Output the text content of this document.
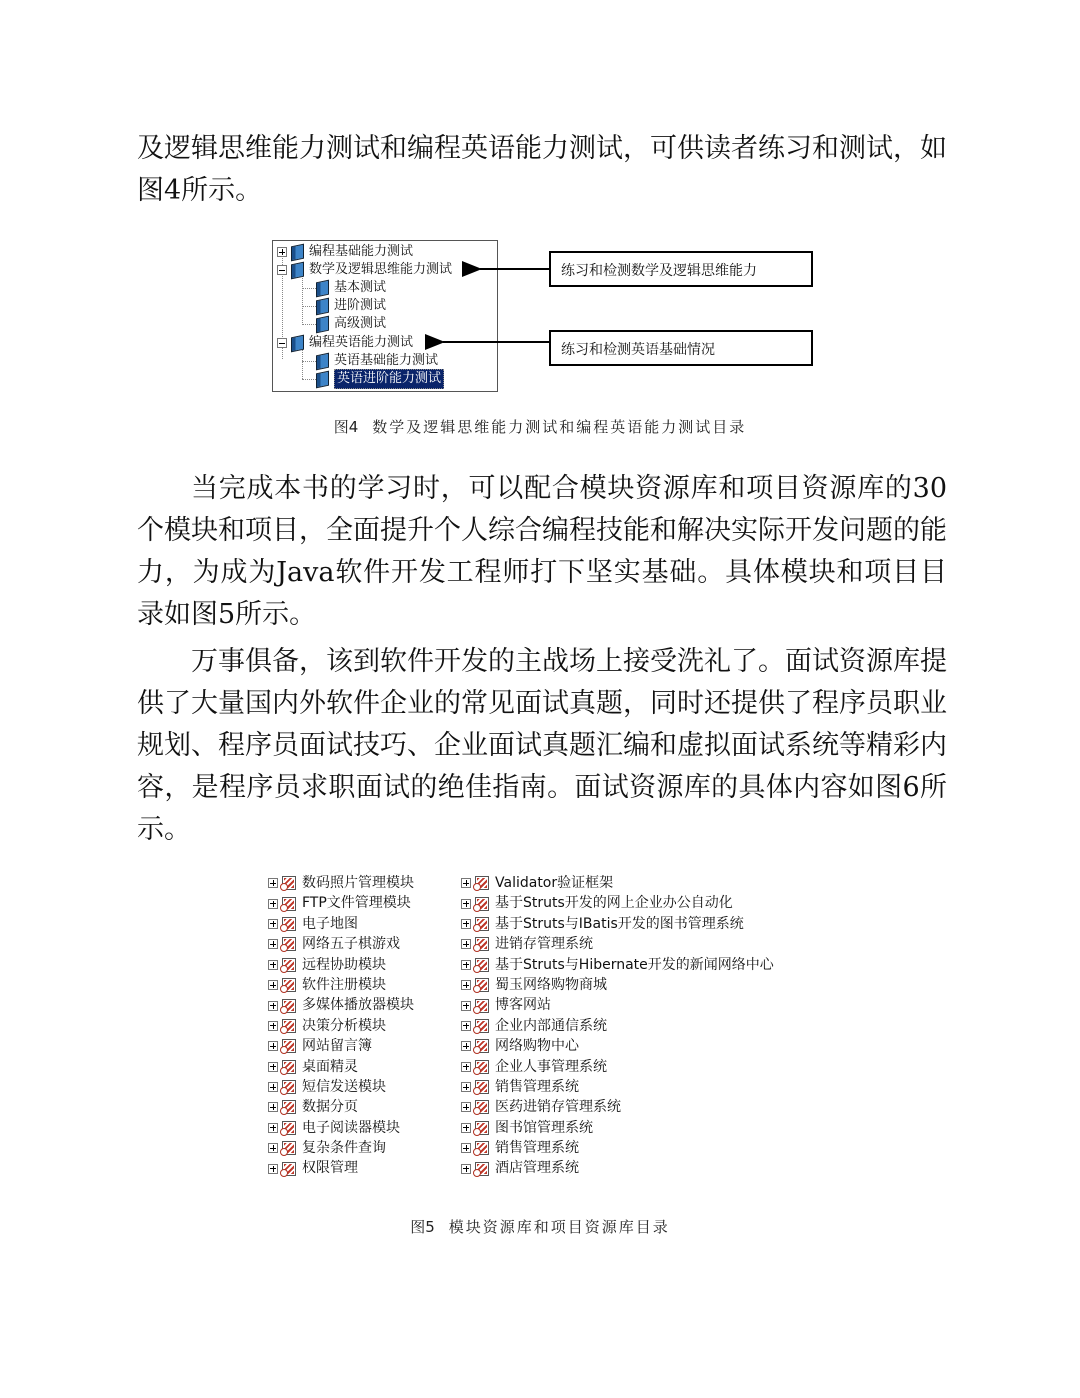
及逻辑思维能力测试和编程英语能力测试，可供读者练习和测试，如图4所示。

编程基础能力测试
数学及逻辑思维能力测试
基本测试
进阶测试
高级测试
编程英语能力测试
英语基础能力测试
英语进阶能力测试
练习和检测数学及逻辑思维能力
练习和检测英语基础情况

图4 数学及逻辑思维能力测试和编程英语能力测试目录

当完成本书的学习时，可以配合模块资源库和项目资源库的30个模块和项目，全面提升个人综合编程技能和解决实际开发问题的能力，为成为Java软件开发工程师打下坚实基础。具体模块和项目目录如图5所示。

万事俱备，该到软件开发的主战场上接受洗礼了。面试资源库提供了大量国内外软件企业的常见面试真题，同时还提供了程序员职业规划、程序员面试技巧、企业面试真题汇编和虚拟面试系统等精彩内容，是程序员求职面试的绝佳指南。面试资源库的具体内容如图6所示。

数码照片管理模块
FTP文件管理模块
电子地图
网络五子棋游戏
远程协助模块
软件注册模块
多媒体播放器模块
决策分析模块
网站留言簿
桌面精灵
短信发送模块
数据分页
电子阅读器模块
复杂条件查询
权限管理
Validator验证框架
基于Struts开发的网上企业办公自动化
基于Struts与IBatis开发的图书管理系统
进销存管理系统
基于Struts与Hibernate开发的新闻网络中心
蜀玉网络购物商城
博客网站
企业内部通信系统
网络购物中心
企业人事管理系统
销售管理系统
医药进销存管理系统
图书馆管理系统
销售管理系统
酒店管理系统

图5 模块资源库和项目资源库目录
